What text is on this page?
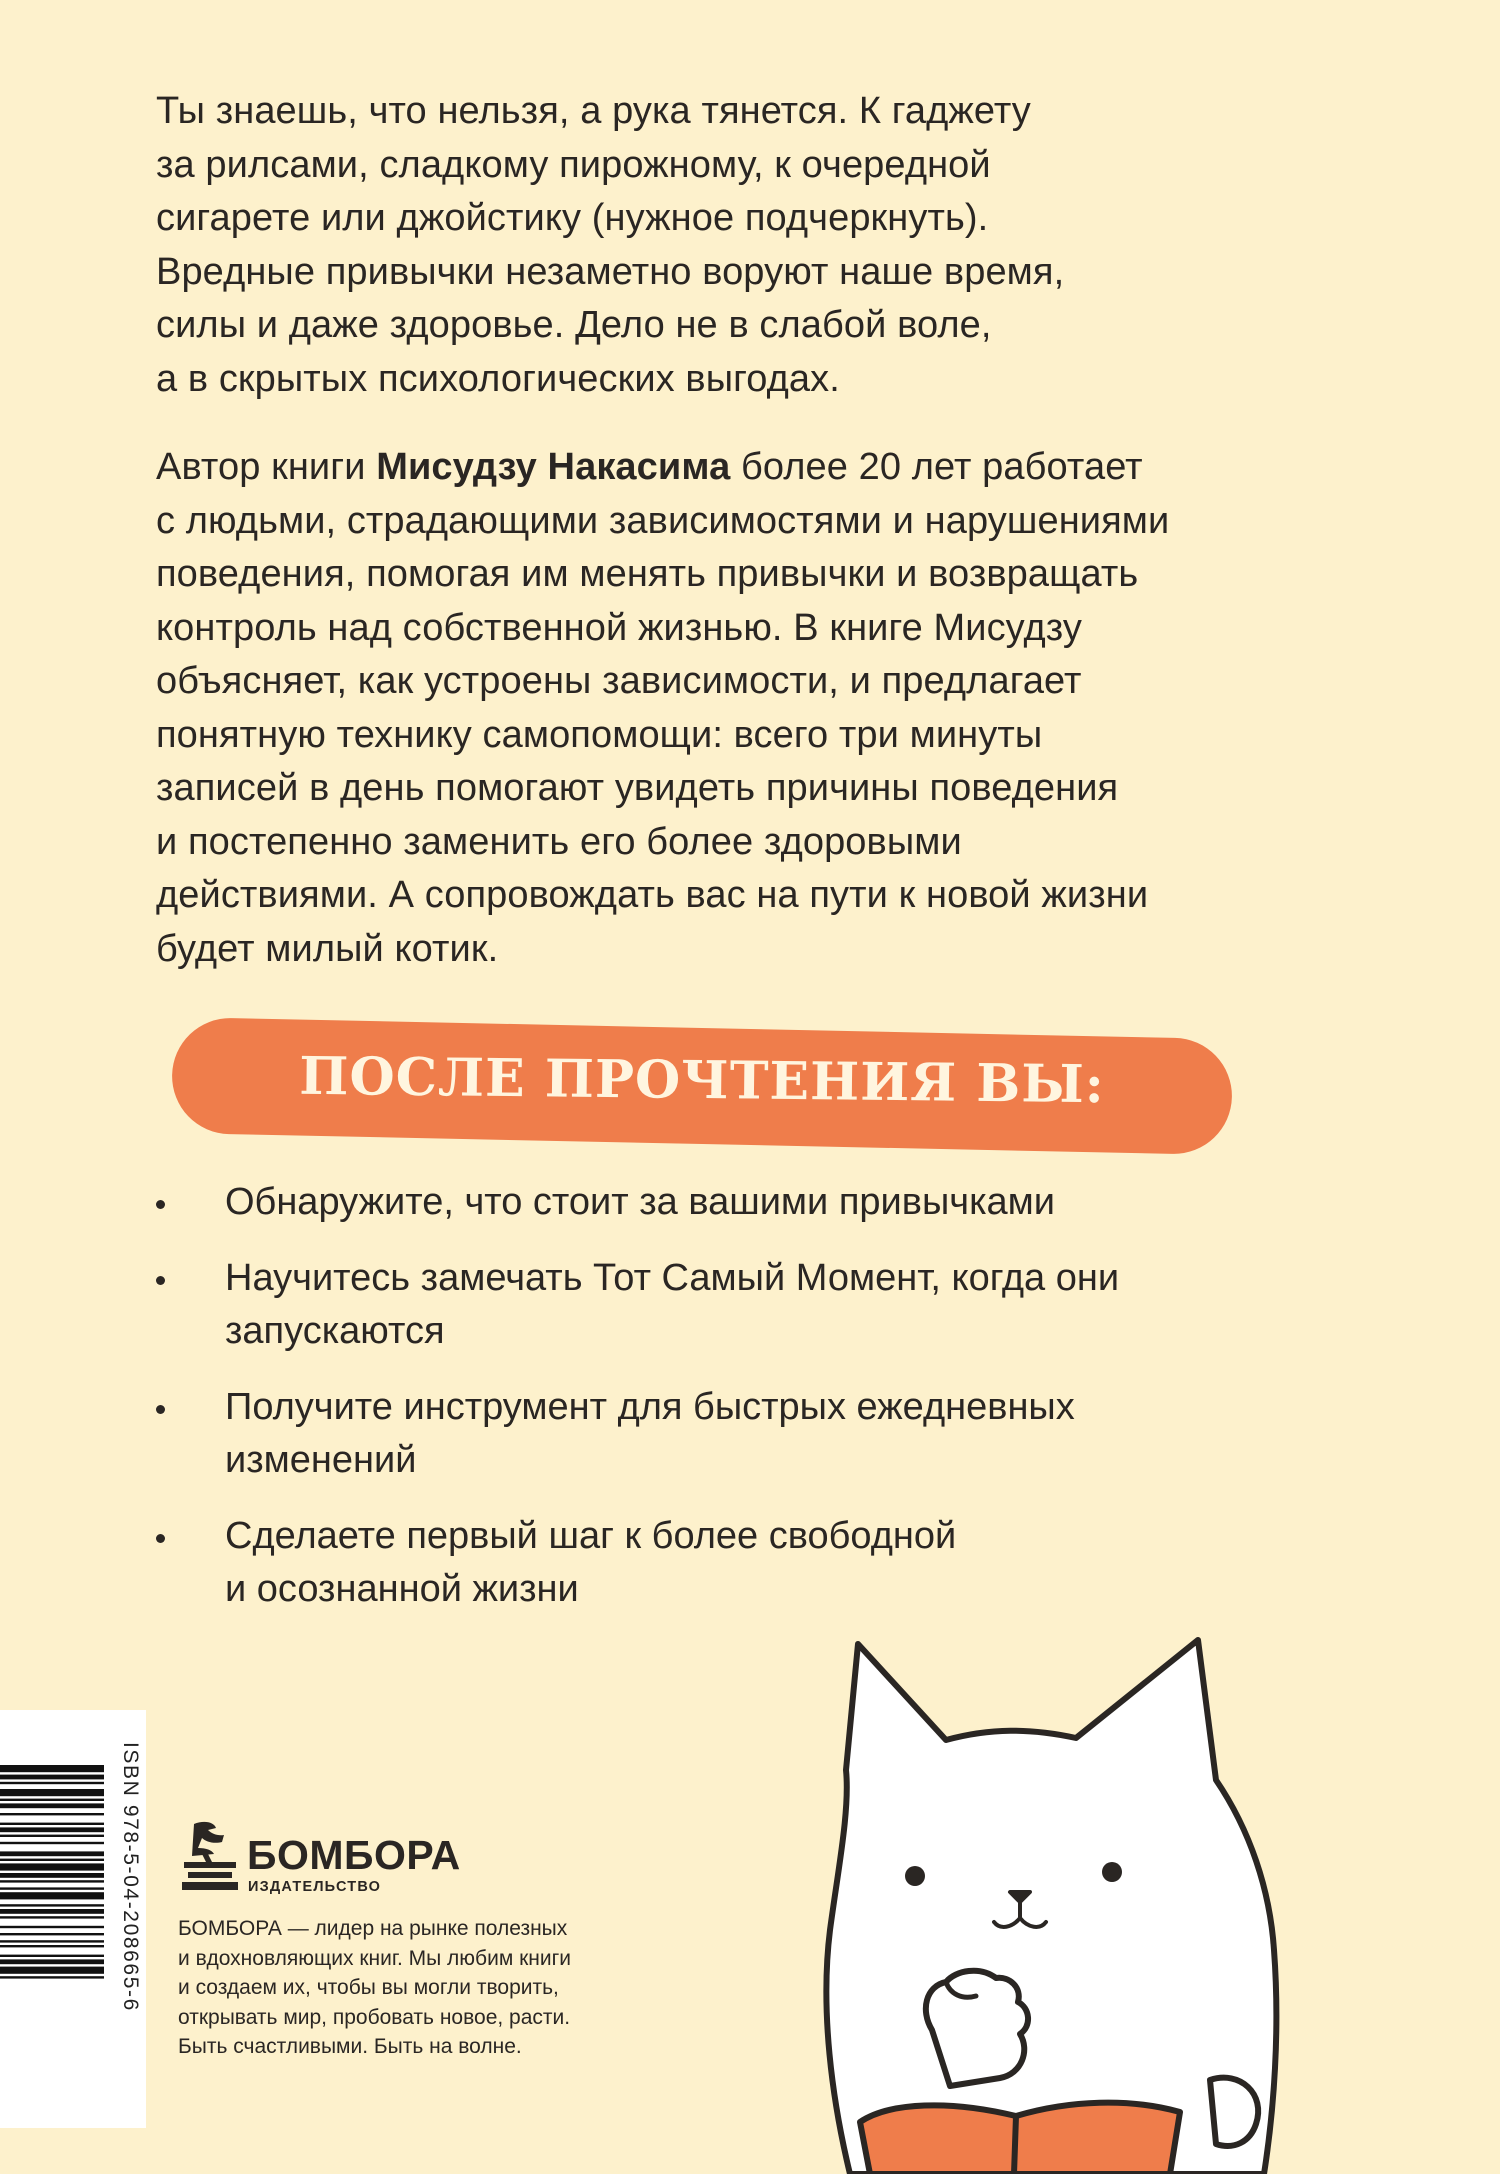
Ты знаешь, что нельзя, а рука тянется. К гаджету
за рилсами, сладкому пирожному, к очередной
сигарете или джойстику (нужное подчеркнуть).
Вредные привычки незаметно воруют наше время,
силы и даже здоровье. Дело не в слабой воле,
а в скрытых психологических выгодах.
Автор книги Мисудзу Накасима более 20 лет работает
с людьми, страдающими зависимостями и нарушениями
поведения, помогая им менять привычки и возвращать
контроль над собственной жизнью. В книге Мисудзу
объясняет, как устроены зависимости, и предлагает
понятную технику самопомощи: всего три минуты
записей в день помогают увидеть причины поведения
и постепенно заменить его более здоровыми
действиями. А сопровождать вас на пути к новой жизни
будет милый котик.
ПОСЛЕ ПРОЧТЕНИЯ ВЫ:
Обнаружите, что стоит за вашими привычками
Научитесь замечать Тот Самый Момент, когда они
запускаются
Получите инструмент для быстрых ежедневных
изменений
Сделаете первый шаг к более свободной
и осознанной жизни
ISBN 978-5-04-208665-6	БОМБОРА
ИЗДАТЕЛЬСТВО
БОМБОРА — лидер на рынке полезных
и вдохновляющих книг. Мы любим книги
и создаем их, чтобы вы могли творить,
открывать мир, пробовать новое, расти.
Быть счастливыми. Быть на волне.
